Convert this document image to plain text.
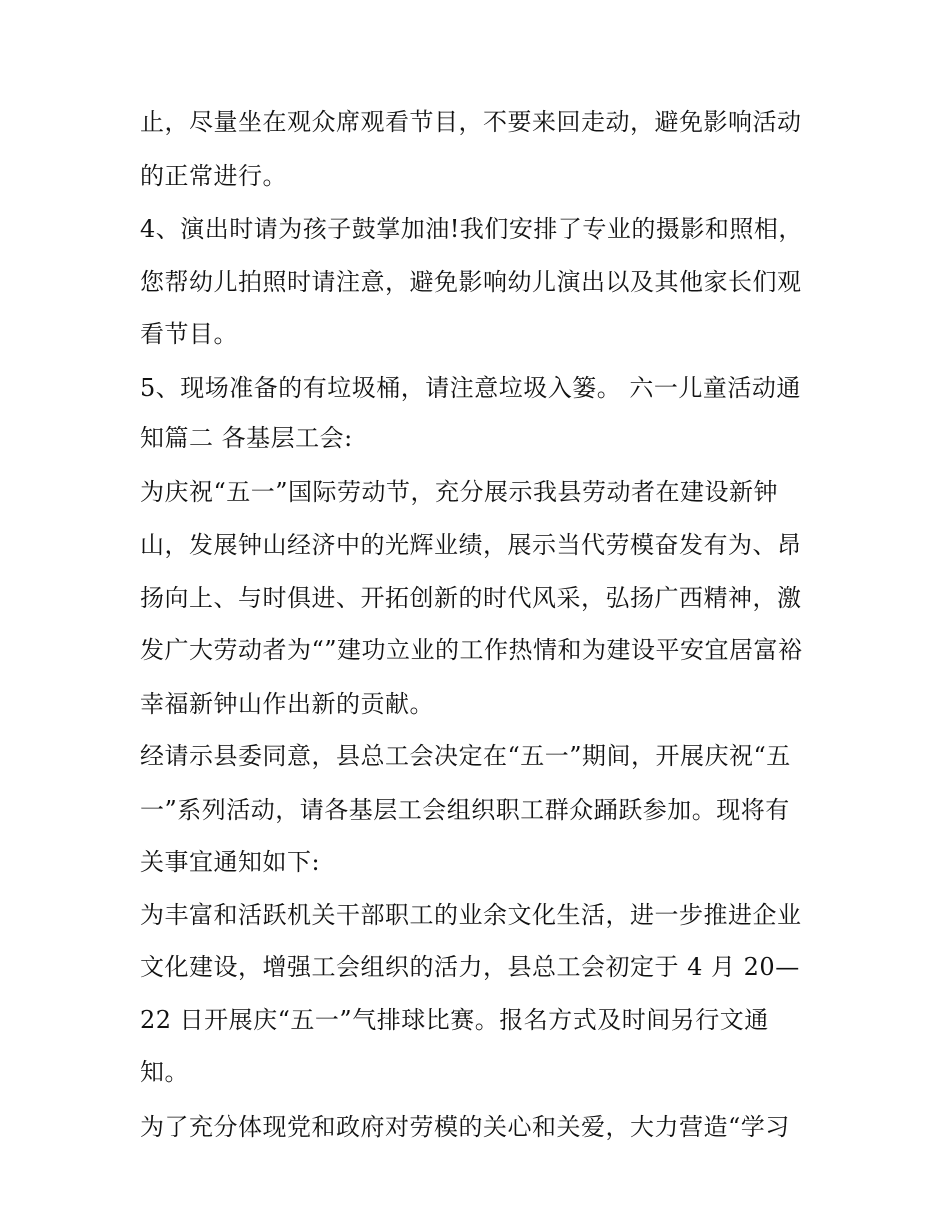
止，尽量坐在观众席观看节目，不要来回走动，避免影响活动
的正常进行。
4、演出时请为孩子鼓掌加油!我们安排了专业的摄影和照相，
您帮幼儿拍照时请注意，避免影响幼儿演出以及其他家长们观
看节目。
5、现场准备的有垃圾桶，请注意垃圾入篓。 六一儿童活动通
知篇二 各基层工会:
为庆祝“五一”国际劳动节，充分展示我县劳动者在建设新钟
山，发展钟山经济中的光辉业绩，展示当代劳模奋发有为、昂
扬向上、与时俱进、开拓创新的时代风采，弘扬广西精神，激
发广大劳动者为“”建功立业的工作热情和为建设平安宜居富裕
幸福新钟山作出新的贡献。
经请示县委同意，县总工会决定在“五一”期间，开展庆祝“五
一”系列活动，请各基层工会组织职工群众踊跃参加。现将有
关事宜通知如下:
为丰富和活跃机关干部职工的业余文化生活，进一步推进企业
文化建设，增强工会组织的活力，县总工会初定于 4 月 20—
22 日开展庆“五一”气排球比赛。报名方式及时间另行文通
知。
为了充分体现党和政府对劳模的关心和关爱，大力营造“学习
